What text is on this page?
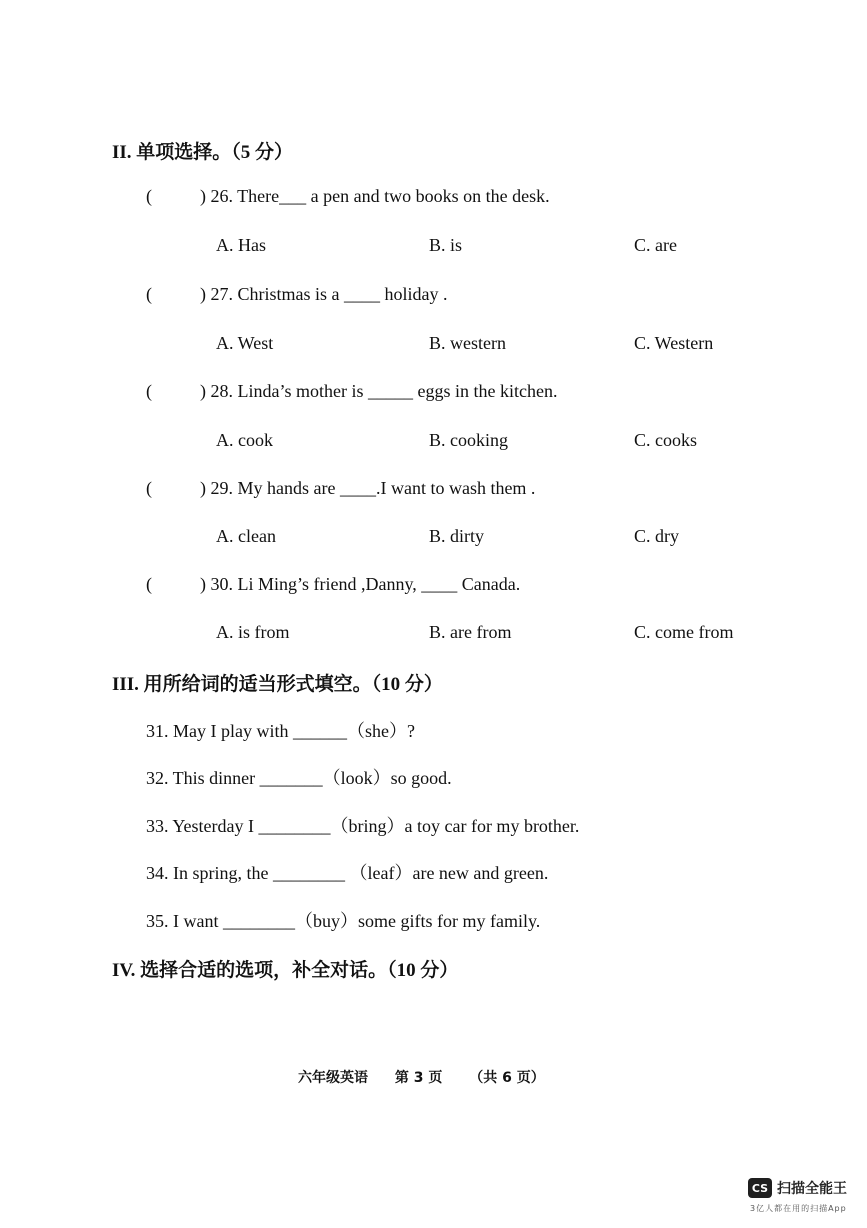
II. 单项选择。（5 分）
(	) 26. There___ a pen and two books on the desk.
A. Has	B. is	C. are
(	) 27. Christmas is a ____ holiday .
A. West	B. western	C. Western
(	) 28. Linda’s mother is _____ eggs in the kitchen.
A. cook	B. cooking	C. cooks
(	) 29. My hands are ____.I want to wash them .
A. clean	B. dirty	C. dry
(	) 30. Li Ming’s friend ,Danny, ____ Canada.
A. is from	B. are from	C. come from
III. 用所给词的适当形式填空。（10 分）
31. May I play with ______（she）?
32. This dinner _______（look）so good.
33. Yesterday I ________（bring）a toy car for my brother.
34. In spring, the ________ （leaf）are new and green.
35. I want ________（buy）some gifts for my family.
IV. 选择合适的选项，补全对话。（10 分）
六年级英语 第 3 页 （共 6 页）
CS 扫描全能王
3亿人都在用的扫描App
